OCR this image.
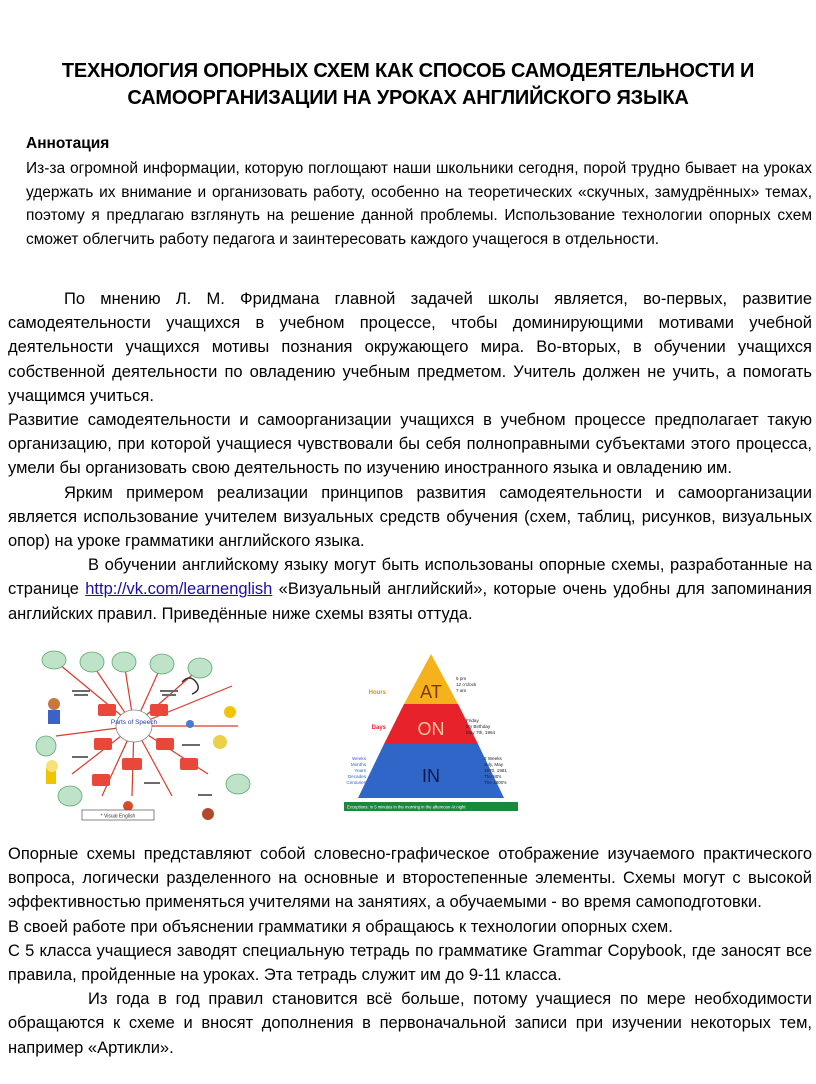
ТЕХНОЛОГИЯ ОПОРНЫХ СХЕМ КАК СПОСОБ САМОДЕЯТЕЛЬНОСТИ И
САМООРГАНИЗАЦИИ НА УРОКАХ АНГЛИЙСКОГО ЯЗЫКА
Аннотация
Из-за огромной информации, которую поглощают наши школьники сегодня, порой трудно бывает на уроках удержать их внимание и организовать работу, особенно на теоретических «скучных, замудрённых» темах, поэтому я предлагаю взглянуть на решение данной проблемы. Использование технологии опорных схем сможет облегчить работу педагога и заинтересовать каждого учащегося в отдельности.

По мнению Л. М. Фридмана главной задачей школы является, во-первых, развитие самодеятельности учащихся в учебном процессе, чтобы доминирующими мотивами учебной деятельности учащихся мотивы познания окружающего мира. Во-вторых, в обучении учащихся собственной деятельности по овладению учебным предметом. Учитель должен не учить, а помогать учащимся учиться.

Развитие самодеятельности и самоорганизации учащихся в учебном процессе предполагает такую организацию, при которой учащиеся чувствовали бы себя полноправными субъектами этого процесса, умели бы организовать свою деятельность по изучению иностранного языка и овладению им.

Ярким примером реализации принципов развития самодеятельности и самоорганизации является использование учителем визуальных средств обучения (схем, таблиц, рисунков, визуальных опор) на уроке грамматики английского языка.

В обучении английскому языку могут быть использованы опорные схемы, разработанные на странице http://vk.com/learnenglish «Визуальный английский», которые очень удобны для запоминания английских правил. Приведённые ниже схемы взяты оттуда.

Parts of Speech
* Visual English
AT
ON
IN
Hours
Days
Weeks
Months
Years
Decades
Centuries
5 pm
12 o'clock
7 am
Friday
My Birthday
May 7th, 1964
2 Weeks
July, May
1970, 1981
The 80's
The 1800's
Exceptions: in 5 minutes in the morning in the afternoon At night

Опорные схемы представляют собой словесно-графическое отображение изучаемого практического вопроса, логически разделенного на основные и второстепенные элементы. Схемы могут с высокой эффективностью применяться учителями на занятиях, а обучаемыми - во время самоподготовки.

В своей работе при объяснении грамматики я обращаюсь к технологии опорных схем.

С 5 класса учащиеся заводят специальную тетрадь по грамматике Grammar Copybook, где заносят все правила, пройденные на уроках. Эта тетрадь служит им до 9-11 класса.

Из года в год правил становится всё больше, потому учащиеся по мере необходимости обращаются к схеме и вносят дополнения в первоначальной записи при изучении некоторых тем, например «Артикли».
